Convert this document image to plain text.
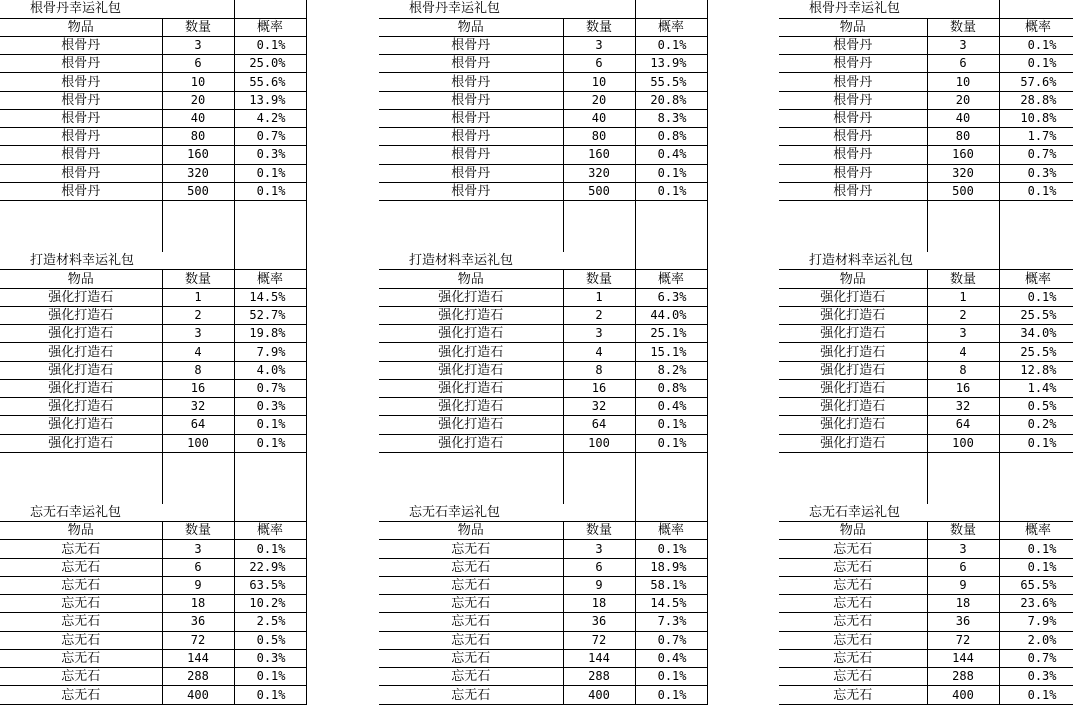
根骨丹幸运礼包				根骨丹幸运礼包				根骨丹幸运礼包		
物品	数量	概率		物品	数量	概率		物品	数量	概率
根骨丹	3	0.1%		根骨丹	3	0.1%		根骨丹	3	0.1%
根骨丹	6	25.0%		根骨丹	6	13.9%		根骨丹	6	0.1%
根骨丹	10	55.6%		根骨丹	10	55.5%		根骨丹	10	57.6%
根骨丹	20	13.9%		根骨丹	20	20.8%		根骨丹	20	28.8%
根骨丹	40	4.2%		根骨丹	40	8.3%		根骨丹	40	10.8%
根骨丹	80	0.7%		根骨丹	80	0.8%		根骨丹	80	1.7%
根骨丹	160	0.3%		根骨丹	160	0.4%		根骨丹	160	0.7%
根骨丹	320	0.1%		根骨丹	320	0.1%		根骨丹	320	0.3%
根骨丹	500	0.1%		根骨丹	500	0.1%		根骨丹	500	0.1%

打造材料幸运礼包				打造材料幸运礼包				打造材料幸运礼包		
物品	数量	概率		物品	数量	概率		物品	数量	概率
强化打造石	1	14.5%		强化打造石	1	6.3%		强化打造石	1	0.1%
强化打造石	2	52.7%		强化打造石	2	44.0%		强化打造石	2	25.5%
强化打造石	3	19.8%		强化打造石	3	25.1%		强化打造石	3	34.0%
强化打造石	4	7.9%		强化打造石	4	15.1%		强化打造石	4	25.5%
强化打造石	8	4.0%		强化打造石	8	8.2%		强化打造石	8	12.8%
强化打造石	16	0.7%		强化打造石	16	0.8%		强化打造石	16	1.4%
强化打造石	32	0.3%		强化打造石	32	0.4%		强化打造石	32	0.5%
强化打造石	64	0.1%		强化打造石	64	0.1%		强化打造石	64	0.2%
强化打造石	100	0.1%		强化打造石	100	0.1%		强化打造石	100	0.1%

忘无石幸运礼包				忘无石幸运礼包				忘无石幸运礼包		
物品	数量	概率		物品	数量	概率		物品	数量	概率
忘无石	3	0.1%		忘无石	3	0.1%		忘无石	3	0.1%
忘无石	6	22.9%		忘无石	6	18.9%		忘无石	6	0.1%
忘无石	9	63.5%		忘无石	9	58.1%		忘无石	9	65.5%
忘无石	18	10.2%		忘无石	18	14.5%		忘无石	18	23.6%
忘无石	36	2.5%		忘无石	36	7.3%		忘无石	36	7.9%
忘无石	72	0.5%		忘无石	72	0.7%		忘无石	72	2.0%
忘无石	144	0.3%		忘无石	144	0.4%		忘无石	144	0.7%
忘无石	288	0.1%		忘无石	288	0.1%		忘无石	288	0.3%
忘无石	400	0.1%		忘无石	400	0.1%		忘无石	400	0.1%
